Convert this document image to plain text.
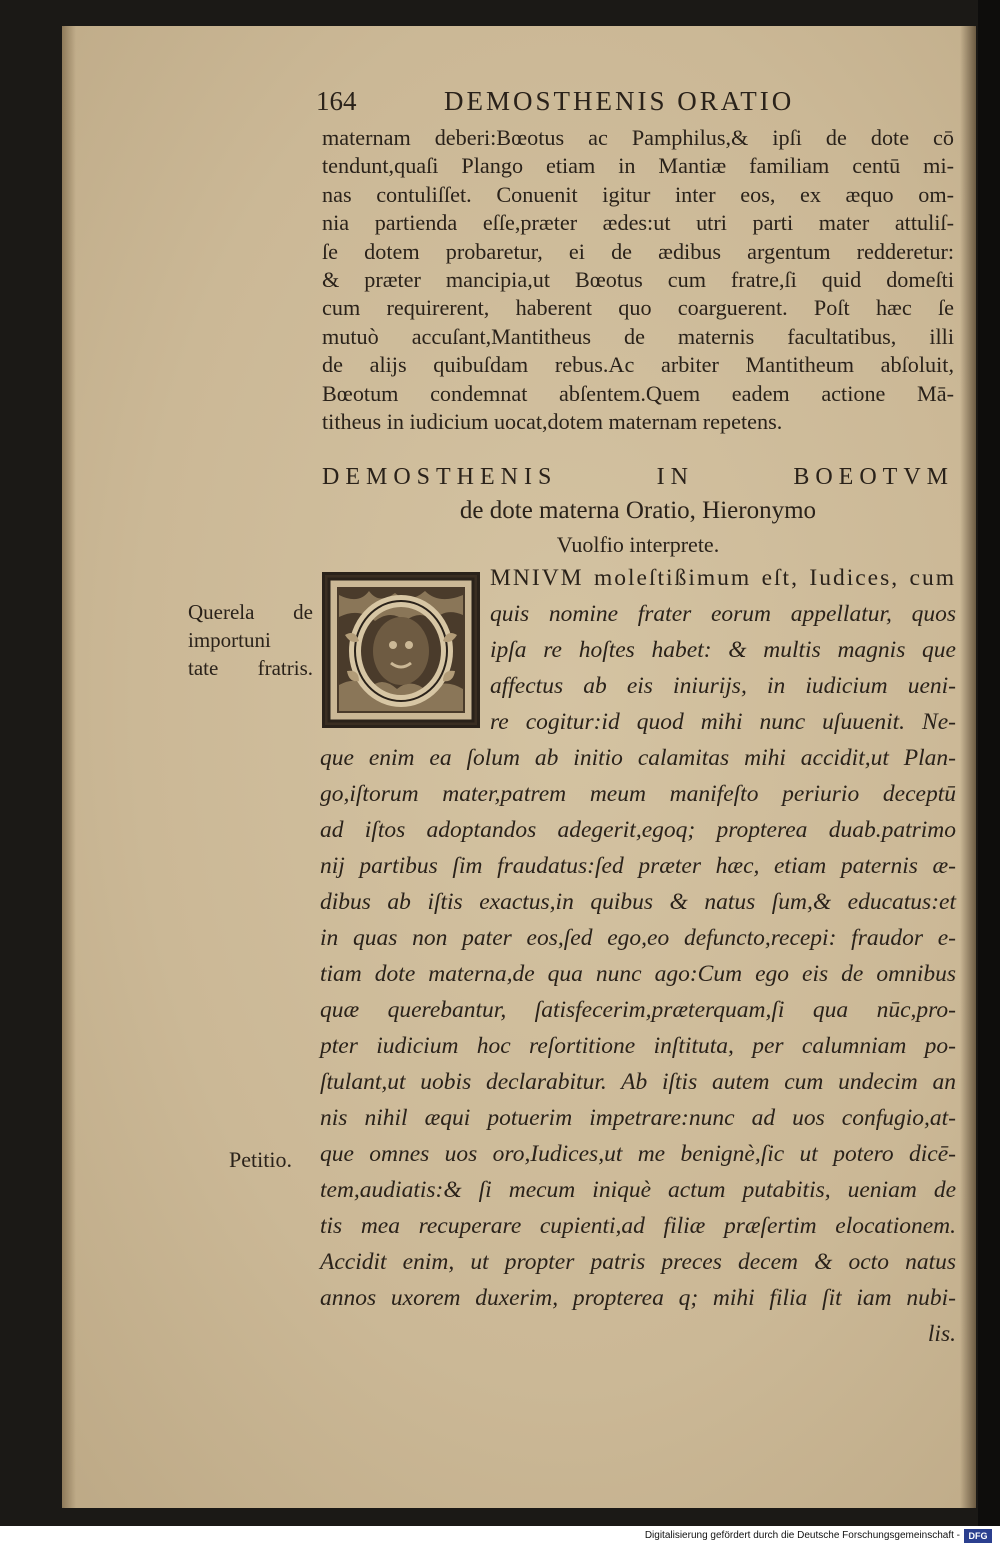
164	DEMOSTHENIS ORATIO
maternam deberi:Bœotus ac Pamphilus,& ipſi de dote cō
tendunt,quaſi Plango etiam in Mantiæ familiam centū mi-
nas contuliſſet. Conuenit igitur inter eos, ex æquo om-
nia partienda eſſe,præter ædes:ut utri parti mater attuliſ-
ſe dotem probaretur, ei de ædibus argentum redderetur:
& præter mancipia,ut Bœotus cum fratre,ſi quid domeſti
cum requirerent, haberent quo coarguerent. Poſt hæc ſe
mutuò accuſant,Mantitheus de maternis facultatibus, illi
de alijs quibuſdam rebus.Ac arbiter Mantitheum abſoluit,
Bœotum condemnat abſentem.Quem eadem actione Mā-
titheus in iudicium uocat,dotem maternam repetens.
DEMOSTHENIS IN BOEOTVM
de dote materna Oratio, Hieronymo
Vuolfio interprete.
Querela de
importuni
tate fratris.
Petitio.
MNIVM moleſtißimum eſt, Iudices, cum
quis nomine frater eorum appellatur, quos
ipſa re hoſtes habet: & multis magnis que
affectus ab eis iniurijs, in iudicium ueni-
re cogitur:id quod mihi nunc uſuuenit. Ne-
que enim ea ſolum ab initio calamitas mihi accidit,ut Plan-
go,iſtorum mater,patrem meum manifeſto periurio deceptū
ad iſtos adoptandos adegerit,egoq; propterea duab.patrimo
nij partibus ſim fraudatus:ſed præter hæc, etiam paternis æ-
dibus ab iſtis exactus,in quibus & natus ſum,& educatus:et
in quas non pater eos,ſed ego,eo defuncto,recepi: fraudor e-
tiam dote materna,de qua nunc ago:Cum ego eis de omnibus
quæ querebantur, ſatisfecerim,præterquam,ſi qua nūc,pro-
pter iudicium hoc reſortitione inſtituta, per calumniam po-
ſtulant,ut uobis declarabitur. Ab iſtis autem cum undecim an
nis nihil æqui potuerim impetrare:nunc ad uos confugio,at-
que omnes uos oro,Iudices,ut me benignè,ſic ut potero dicē-
tem,audiatis:& ſi mecum iniquè actum putabitis, ueniam de
tis mea recuperare cupienti,ad filiæ præſertim elocationem.
Accidit enim, ut propter patris preces decem & octo natus
annos uxorem duxerim, propterea q; mihi filia ſit iam nubi-
lis.
Digitalisierung gefördert durch die Deutsche Forschungsgemeinschaft - DFG
